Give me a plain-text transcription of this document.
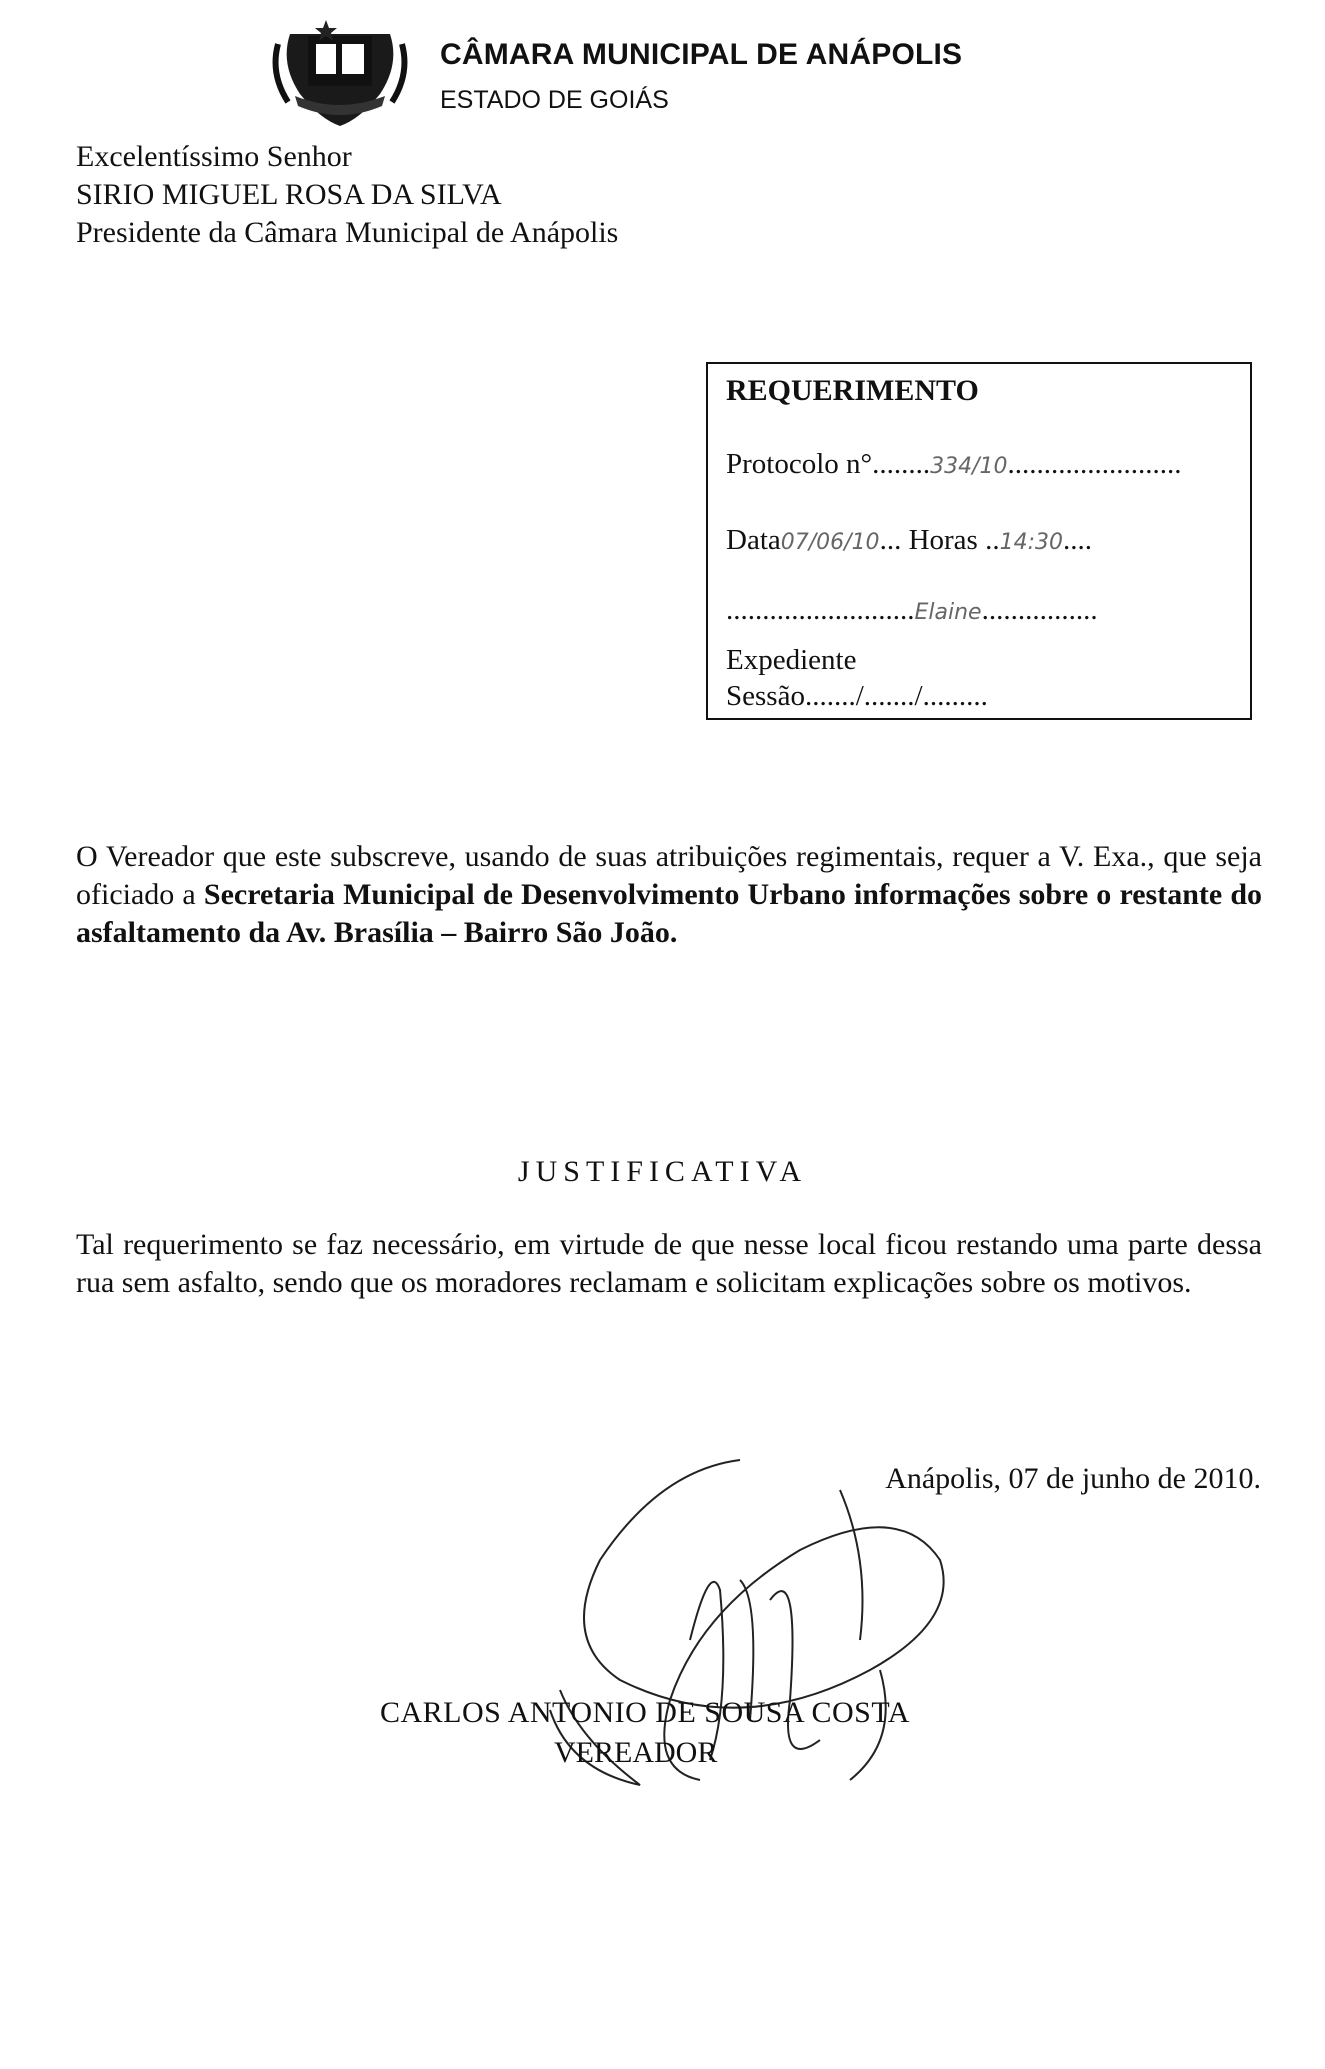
CÂMARA MUNICIPAL DE ANÁPOLIS
ESTADO DE GOIÁS
Excelentíssimo Senhor
SIRIO MIGUEL ROSA DA SILVA
Presidente da Câmara Municipal de Anápolis
REQUERIMENTO
Protocolo n°........334/10........................
Data07/06/10... Horas ..14:30....
..........................Elaine................
Expediente
Sessão......./......./.........
O Vereador que este subscreve, usando de suas atribuições regimentais, requer a V. Exa., que seja oficiado a Secretaria Municipal de Desenvolvimento Urbano informações sobre o restante do asfaltamento da Av. Brasília – Bairro São João.
JUSTIFICATIVA
Tal requerimento se faz necessário, em virtude de que nesse local ficou restando uma parte dessa rua sem asfalto, sendo que os moradores reclamam e solicitam explicações sobre os motivos.
Anápolis, 07 de junho de 2010.
CARLOS ANTONIO DE SOUSA COSTA
VEREADOR
